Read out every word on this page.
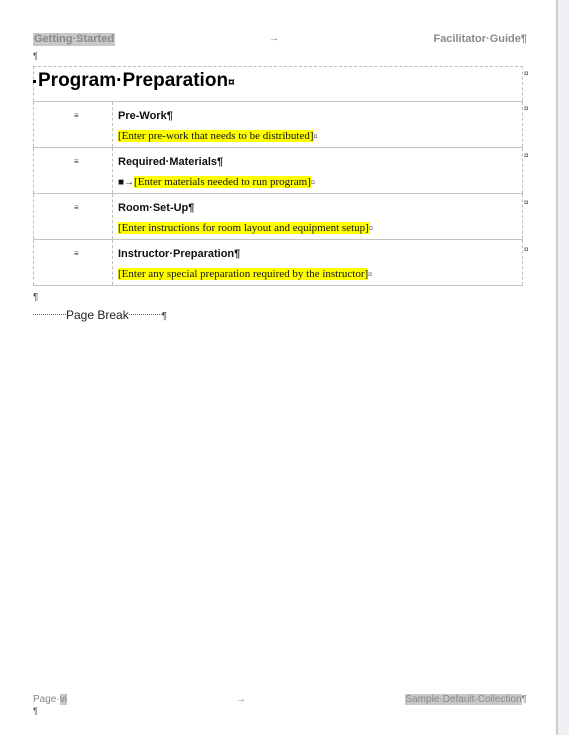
Getting·Started	→	Facilitator·Guide¶
¶
Program·Preparation¤	

≡	Pre-Work¶
[Enter pre-work that needs to be distributed]¤

≡	Required·Materials¶
■→[Enter materials needed to run program]¤

≡	Room·Set-Up¶
[Enter instructions for room layout and equipment setup]¤

≡	Instructor·Preparation¶
[Enter any special preparation required by the instructor]¤
¤
¤
¤
¤
¤
¶
Page Break	¶
Page·vi	→	Sample·Default·Collection¶
¶
